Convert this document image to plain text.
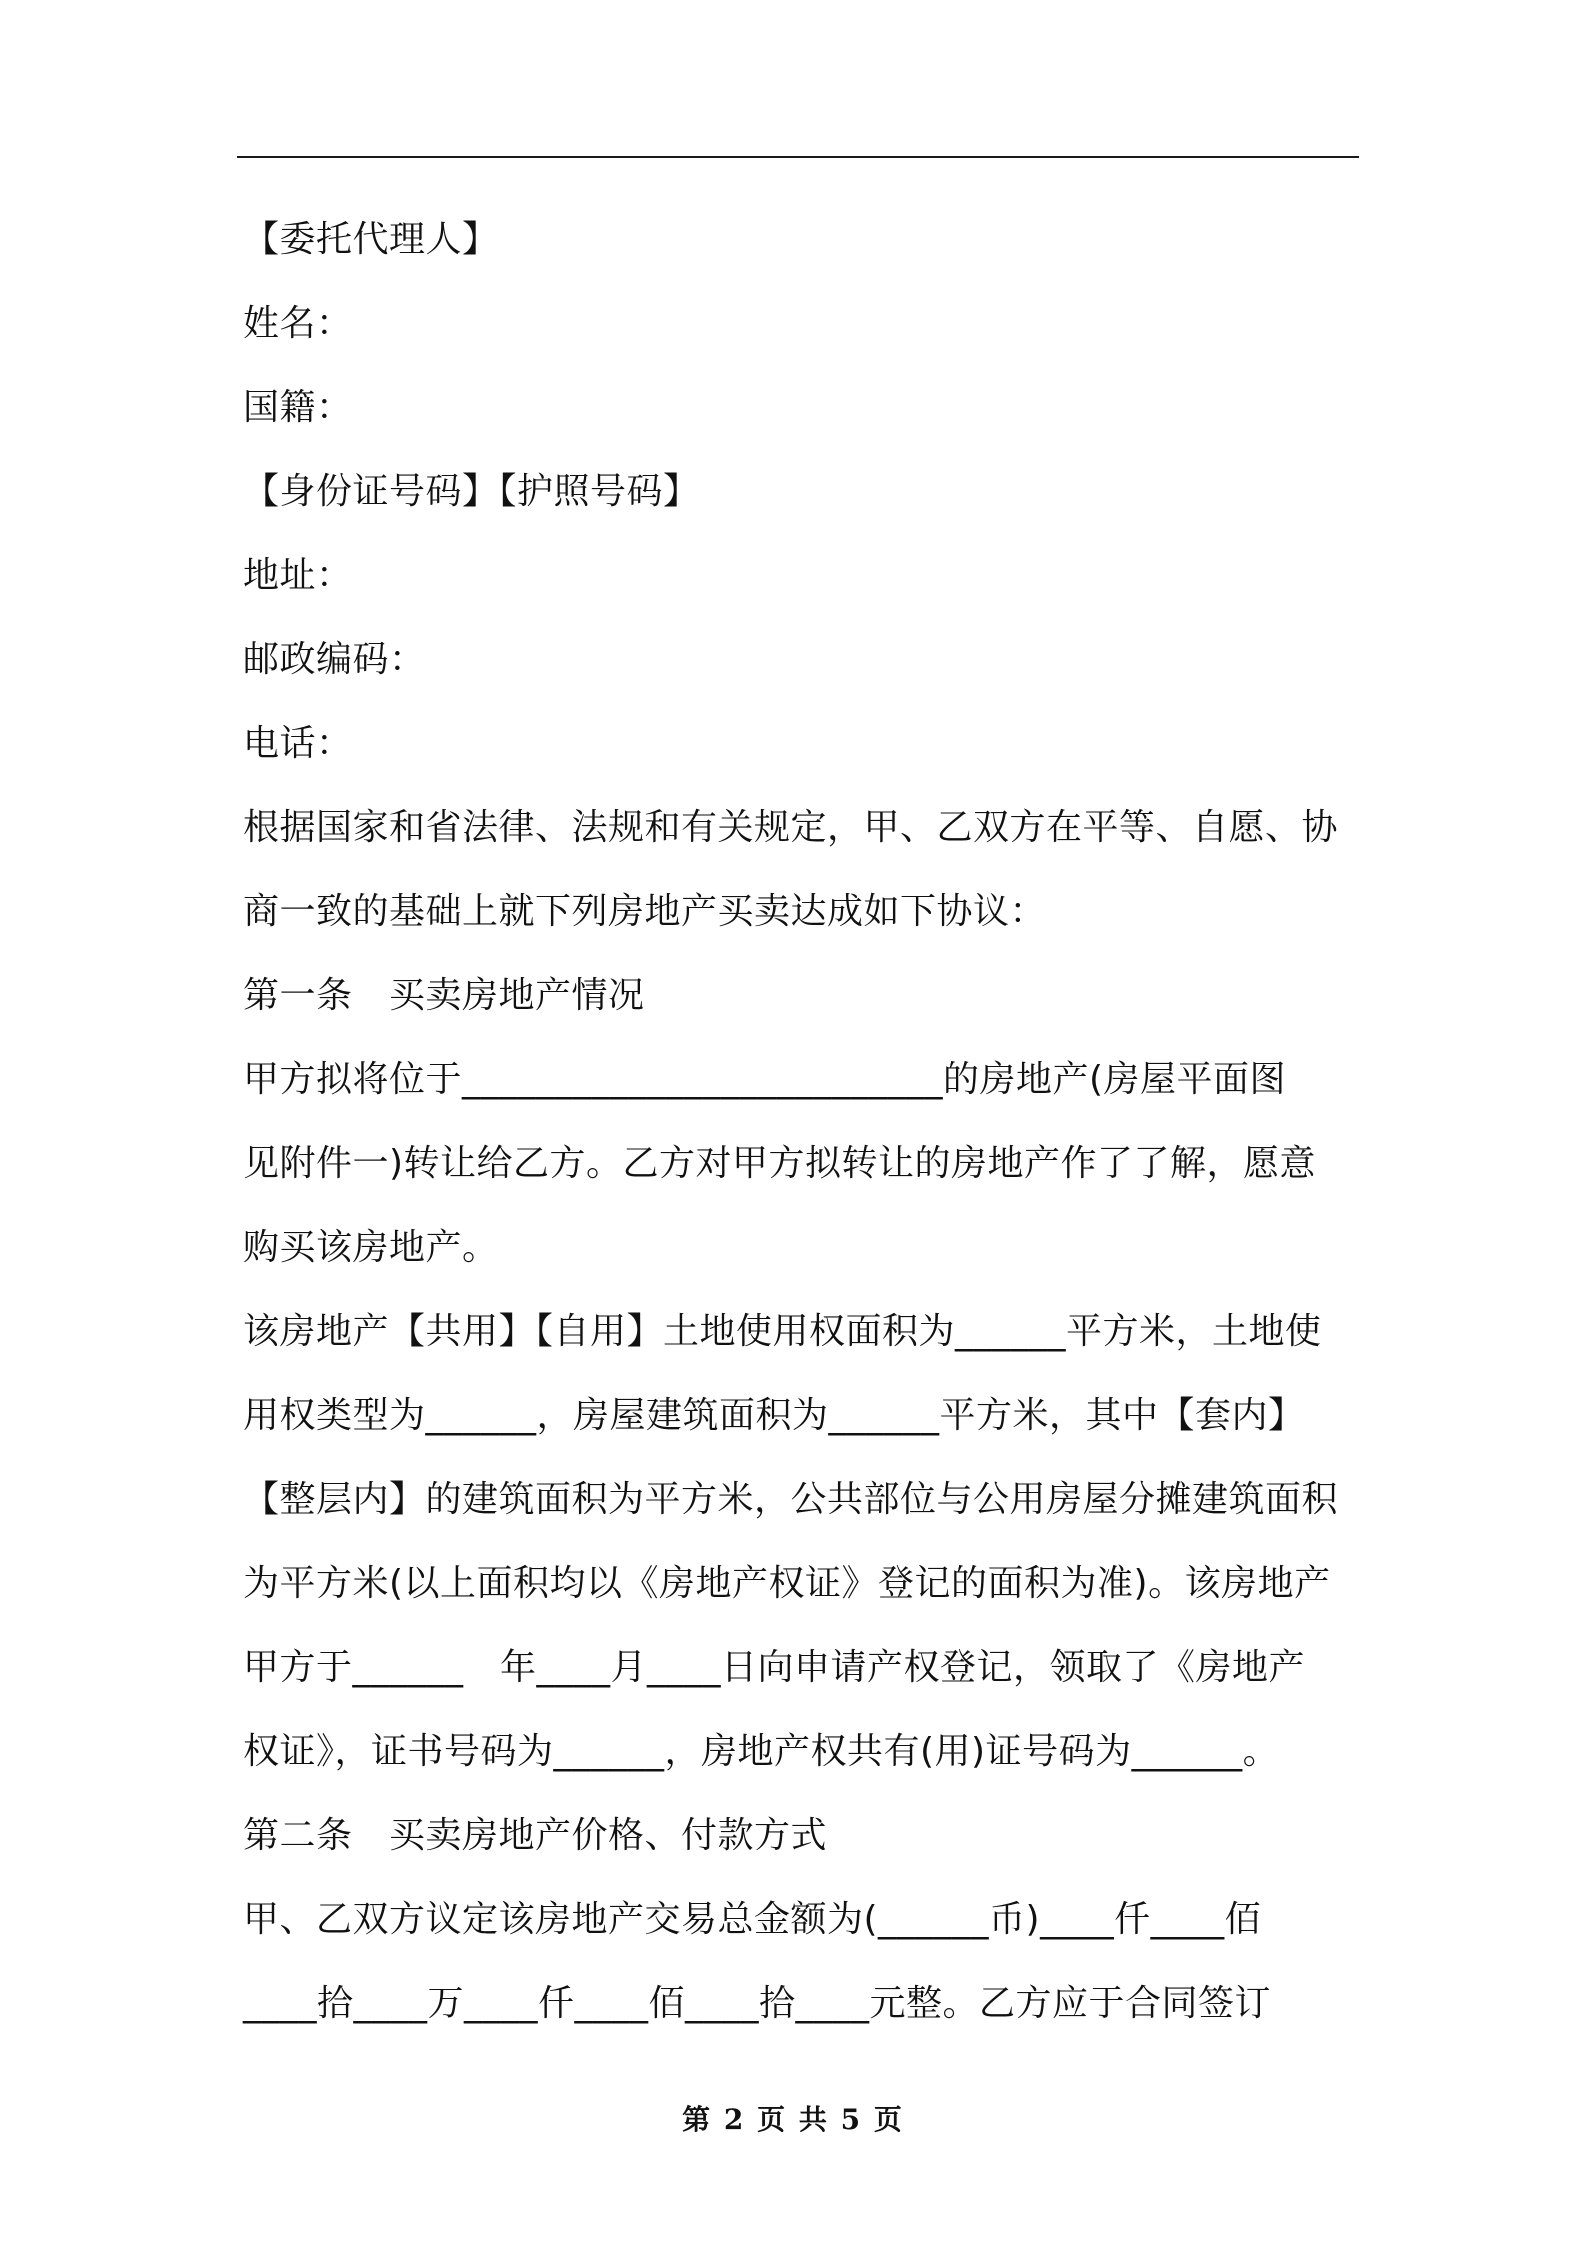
【委托代理人】
姓名：
国籍：
【身份证号码】【护照号码】
地址：
邮政编码：
电话：
根据国家和省法律、法规和有关规定，甲、乙双方在平等、自愿、协
商一致的基础上就下列房地产买卖达成如下协议：
第一条　买卖房地产情况
甲方拟将位于__________________________的房地产(房屋平面图
见附件一)转让给乙方。乙方对甲方拟转让的房地产作了了解，愿意
购买该房地产。
该房地产【共用】【自用】土地使用权面积为______平方米，土地使
用权类型为______，房屋建筑面积为______平方米，其中【套内】
【整层内】的建筑面积为平方米，公共部位与公用房屋分摊建筑面积
为平方米(以上面积均以《房地产权证》登记的面积为准)。该房地产
甲方于______　年____月____日向申请产权登记，领取了《房地产
权证》，证书号码为______，房地产权共有(用)证号码为______。
第二条　买卖房地产价格、付款方式
甲、乙双方议定该房地产交易总金额为(______币)____仟____佰
____拾____万____仟____佰____拾____元整。乙方应于合同签订
第 2 页 共 5 页
